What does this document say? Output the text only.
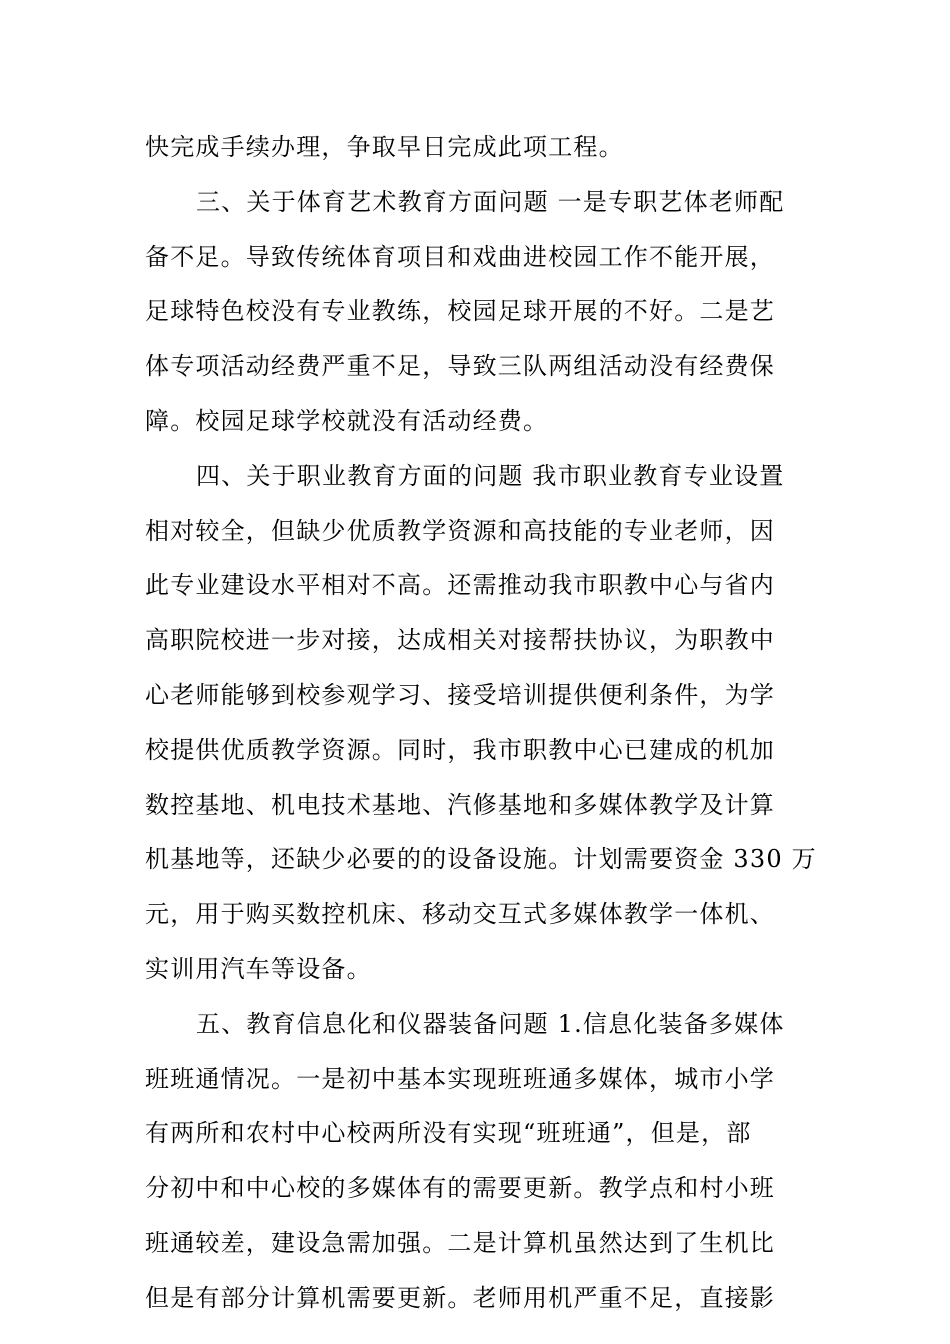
快完成手续办理，争取早日完成此项工程。
三、关于体育艺术教育方面问题 一是专职艺体老师配
备不足。导致传统体育项目和戏曲进校园工作不能开展，
足球特色校没有专业教练，校园足球开展的不好。二是艺
体专项活动经费严重不足，导致三队两组活动没有经费保
障。校园足球学校就没有活动经费。
四、关于职业教育方面的问题 我市职业教育专业设置
相对较全，但缺少优质教学资源和高技能的专业老师，因
此专业建设水平相对不高。还需推动我市职教中心与省内
高职院校进一步对接，达成相关对接帮扶协议，为职教中
心老师能够到校参观学习、接受培训提供便利条件，为学
校提供优质教学资源。同时，我市职教中心已建成的机加
数控基地、机电技术基地、汽修基地和多媒体教学及计算
机基地等，还缺少必要的的设备设施。计划需要资金 330 万
元，用于购买数控机床、移动交互式多媒体教学一体机、
实训用汽车等设备。
五、教育信息化和仪器装备问题 1.信息化装备多媒体
班班通情况。一是初中基本实现班班通多媒体，城市小学
有两所和农村中心校两所没有实现“班班通”，但是，部
分初中和中心校的多媒体有的需要更新。教学点和村小班
班通较差，建设急需加强。二是计算机虽然达到了生机比
但是有部分计算机需要更新。老师用机严重不足，直接影
